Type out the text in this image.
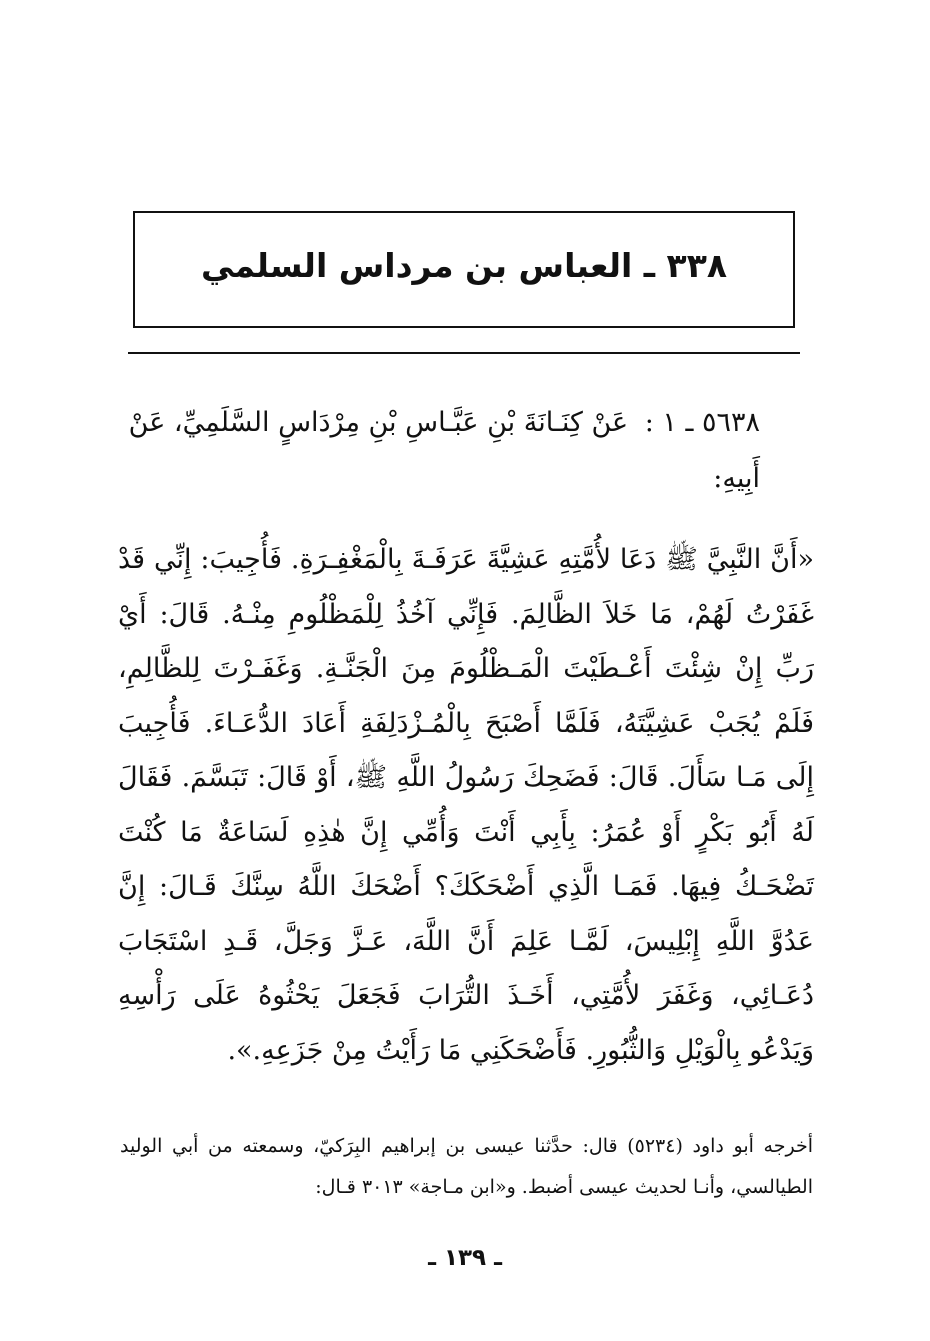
٣٣٨ ـ العباس بن مرداس السلمي
٥٦٣٨ ـ ١ : عَنْ كِنَـانَةَ بْنِ عَبَّـاسِ بْنِ مِرْدَاسٍ السَّلَمِيِّ، عَنْ أَبِيهِ:
«أَنَّ النَّبِيَّ ﷺ دَعَا لأُمَّتِهِ عَشِيَّةَ عَرَفَـةَ بِالْمَغْفِـرَةِ. فَأُجِيبَ: إِنِّي قَدْ غَفَرْتُ لَهُمْ، مَا خَلاَ الظَّالِمَ. فَإِنِّي آخُذُ لِلْمَظْلُومِ مِنْـهُ. قَالَ: أَيْ رَبِّ إِنْ شِئْتَ أَعْـطَيْتَ الْمَـظْلُومَ مِنَ الْجَنَّـةِ. وَغَفَـرْتَ لِلظَّالِمِ، فَلَمْ يُجَبْ عَشِيَّتَهُ، فَلَمَّا أَصْبَحَ بِالْمُـزْدَلِفَةِ أَعَادَ الدُّعَـاءَ. فَأُجِيبَ إِلَى مَـا سَأَلَ. قَالَ: فَضَحِكَ رَسُولُ اللَّهِ ﷺ، أَوْ قَالَ: تَبَسَّمَ. فَقَالَ لَهُ أَبُو بَكْرٍ أَوْ عُمَرُ: بِأَبِي أَنْتَ وَأُمِّي إِنَّ هٰذِهِ لَسَاعَةٌ مَا كُنْتَ تَضْحَـكُ فِيهَا. فَمَـا الَّذِي أَضْحَكَكَ؟ أَضْحَكَ اللَّهُ سِنَّكَ قَـالَ: إِنَّ عَدُوَّ اللَّهِ إِبْلِيسَ، لَمَّـا عَلِمَ أَنَّ اللَّهَ، عَـزَّ وَجَلَّ، قَـدِ اسْتَجَابَ دُعَـائِي، وَغَفَرَ لأُمَّتِي، أَخَـذَ التُّرَابَ فَجَعَلَ يَحْثُوهُ عَلَى رَأْسِهِ وَيَدْعُو بِالْوَيْلِ وَالثُّبُورِ. فَأَضْحَكَنِي مَا رَأَيْتُ مِنْ جَزَعِهِ.».
أخرجه أبو داود (٥٢٣٤) قال: حدَّثنا عيسى بن إبراهيم البِرَكيّ، وسمعته من أبي الوليد الطيالسي، وأنـا لحديث عيسى أضبط. و«ابن مـاجة» ٣٠١٣ قـال:
ـ ١٣٩ ـ
